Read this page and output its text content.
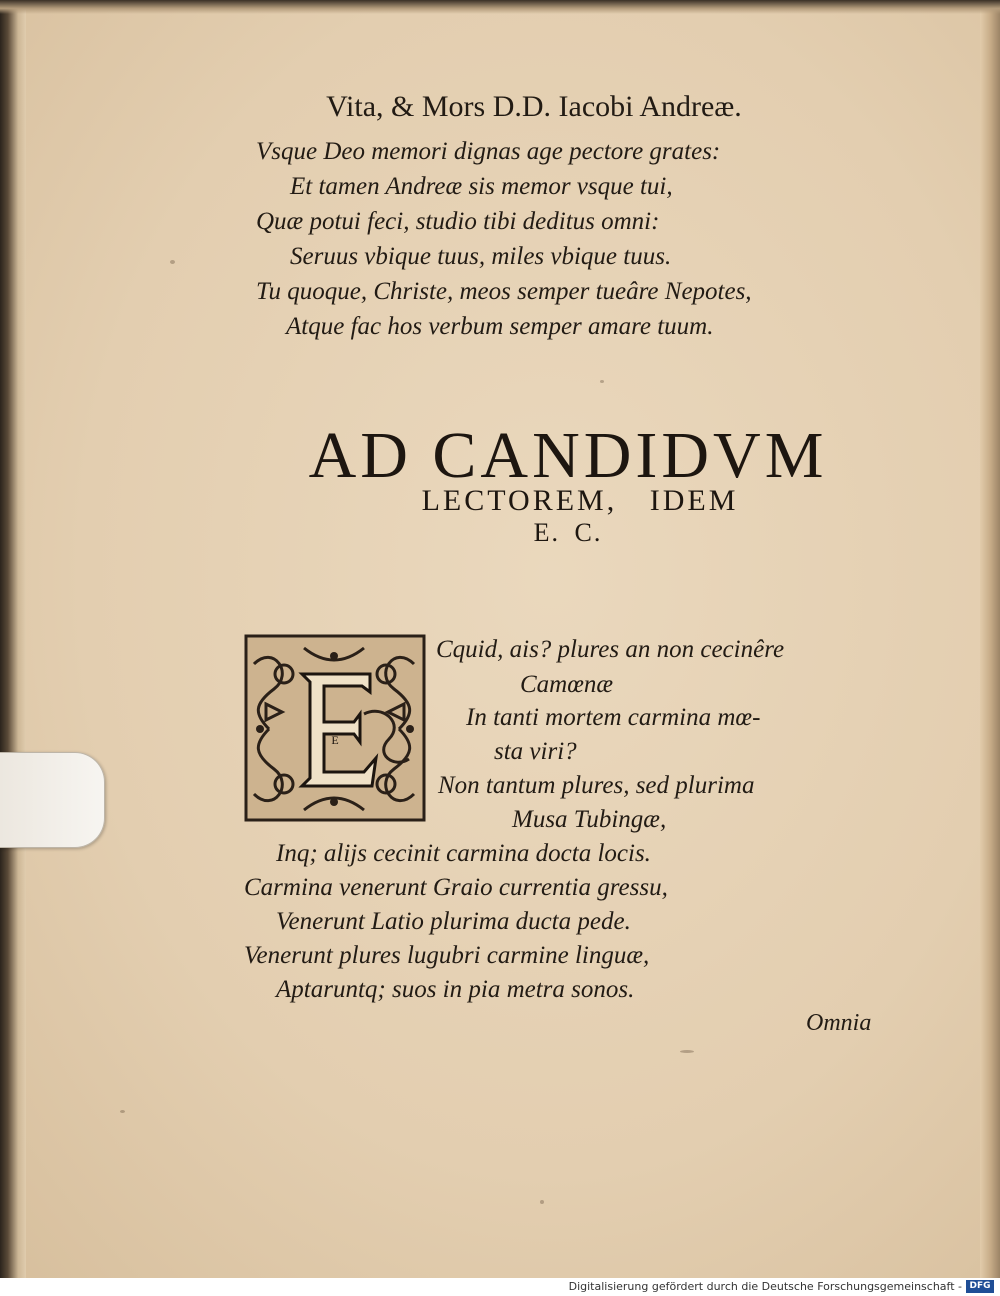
Vita, & Mors D.D. Iacobi Andreæ.
Vsque Deo memori dignas age pectore grates:
Et tamen Andreæ sis memor vsque tui,
Quæ potui feci, studio tibi deditus omni:
Seruus vbique tuus, miles vbique tuus.
Tu quoque, Christe, meos semper tueâre Nepotes,
Atque fac hos verbum semper amare tuum.
AD CANDIDVM
LECTOREM, IDEM
E. C.
E
Cquid, ais? plures an non cecinêre
Camœnæ
In tanti mortem carmina mœ-
sta viri?
Non tantum plures, sed plurima
Musa Tubingæ,
Inq; alijs cecinit carmina docta locis.
Carmina venerunt Graio currentia gressu,
Venerunt Latio plurima ducta pede.
Venerunt plures lugubri carmine linguæ,
Aptaruntq; suos in pia metra sonos.
Omnia
Digitalisierung gefördert durch die Deutsche Forschungsgemeinschaft - DFG
